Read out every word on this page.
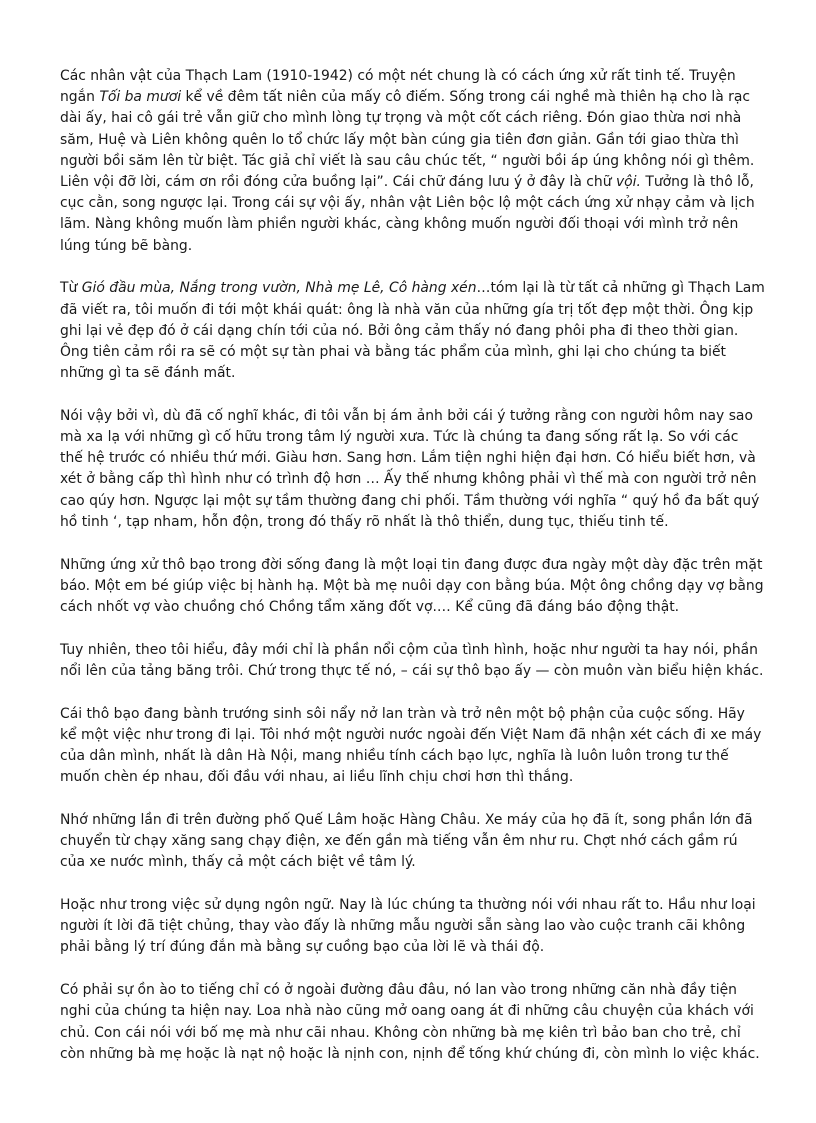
Các nhân vật của Thạch Lam (1910-1942) có một nét chung là có cách ứng xử rất tinh tế. Truyện ngắn Tối ba mươi kể về đêm tất niên của mấy cô điếm. Sống trong cái nghề mà thiên hạ cho là rạc dài ấy, hai cô gái trẻ vẫn giữ cho mình lòng tự trọng và một cốt cách riêng. Đón giao thừa nơi nhà săm, Huệ và Liên không quên lo tổ chức lấy một bàn cúng gia tiên đơn giản. Gần tới giao thừa thì người bồi săm lên từ biệt. Tác giả chỉ viết là sau câu chúc tết, “ người bồi áp úng không nói gì thêm. Liên vội đỡ lời, cám ơn rồi đóng cửa buồng lại”. Cái chữ đáng lưu ý ở đây là chữ vội. Tưởng là thô lỗ, cục cằn, song ngược lại. Trong cái sự vội ấy, nhân vật Liên bộc lộ một cách ứng xử nhạy cảm và lịch lãm. Nàng không muốn làm phiền người khác, càng không muốn người đối thoại với mình trở nên lúng túng bẽ bàng.

Từ Gió đầu mùa, Nắng trong vườn, Nhà mẹ Lê, Cô hàng xén…tóm lại là từ tất cả những gì Thạch Lam đã viết ra, tôi muốn đi tới một khái quát: ông là nhà văn của những gía trị tốt đẹp một thời. Ông kịp ghi lại vẻ đẹp đó ở cái dạng chín tới của nó. Bởi ông cảm thấy nó đang phôi pha đi theo thời gian. Ông tiên cảm rồi ra sẽ có một sự tàn phai và bằng tác phẩm của mình, ghi lại cho chúng ta biết những gì ta sẽ đánh mất.

Nói vậy bởi vì, dù đã cố nghĩ khác, đi tôi vẫn bị ám ảnh bởi cái ý tưởng rằng con người hôm nay sao mà xa lạ với những gì cố hữu trong tâm lý người xưa. Tức là chúng ta đang sống rất lạ. So với các thế hệ trước có nhiều thứ mới. Giàu hơn. Sang hơn. Lắm tiện nghi hiện đại hơn. Có hiểu biết hơn, và xét ở bằng cấp thì hình như có trình độ hơn … Ấy thế nhưng không phải vì thế mà con người trở nên cao qúy hơn. Ngược lại một sự tầm thường đang chi phối. Tầm thường với nghĩa “ quý hồ đa bất quý hồ tinh ‘, tạp nham, hỗn độn, trong đó thấy rõ nhất là thô thiển, dung tục, thiếu tinh tế.

Những ứng xử thô bạo trong đời sống đang là một loại tin đang được đưa ngày một dày đặc trên mặt báo. Một em bé giúp việc bị hành hạ. Một bà mẹ nuôi dạy con bằng búa. Một ông chồng dạy vợ bằng cách nhốt vợ vào chuồng chó Chồng tẩm xăng đốt vợ.… Kể cũng đã đáng báo động thật.

Tuy nhiên, theo tôi hiểu, đây mới chỉ là phần nổi cộm của tình hình, hoặc như người ta hay nói, phần nổi lên của tảng băng trôi. Chứ trong thực tế nó, – cái sự thô bạo ấy — còn muôn vàn biểu hiện khác.

Cái thô bạo đang bành trướng sinh sôi nẩy nở lan tràn và trở nên một bộ phận của cuộc sống. Hãy kể một việc như trong đi lại. Tôi nhớ một người nước ngoài đến Việt Nam đã nhận xét cách đi xe máy của dân mình, nhất là dân Hà Nội, mang nhiều tính cách bạo lực, nghĩa là luôn luôn trong tư thế muốn chèn ép nhau, đối đầu với nhau, ai liều lĩnh chịu chơi hơn thì thắng.

Nhớ những lần đi trên đường phố Quế Lâm hoặc Hàng Châu. Xe máy của họ đã ít, song phần lớn đã chuyển từ chạy xăng sang chạy điện, xe đến gần mà tiếng vẫn êm như ru. Chợt nhớ cách gầm rú của xe nước mình, thấy cả một cách biệt về tâm lý.

Hoặc như trong việc sử dụng ngôn ngữ. Nay là lúc chúng ta thường nói với nhau rất to. Hầu như loại người ít lời đã tiệt chủng, thay vào đấy là những mẫu người sẵn sàng lao vào cuộc tranh cãi không phải bằng lý trí đúng đắn mà bằng sự cuồng bạo của lời lẽ và thái độ.

Có phải sự ồn ào to tiếng chỉ có ở ngoài đường đâu đâu, nó lan vào trong những căn nhà đầy tiện nghi của chúng ta hiện nay. Loa nhà nào cũng mở oang oang át đi những câu chuyện của khách với chủ. Con cái nói với bố mẹ mà như cãi nhau. Không còn những bà mẹ kiên trì bảo ban cho trẻ, chỉ còn những bà mẹ hoặc là nạt nộ hoặc là nịnh con, nịnh để tống khứ chúng đi, còn mình lo việc khác.
